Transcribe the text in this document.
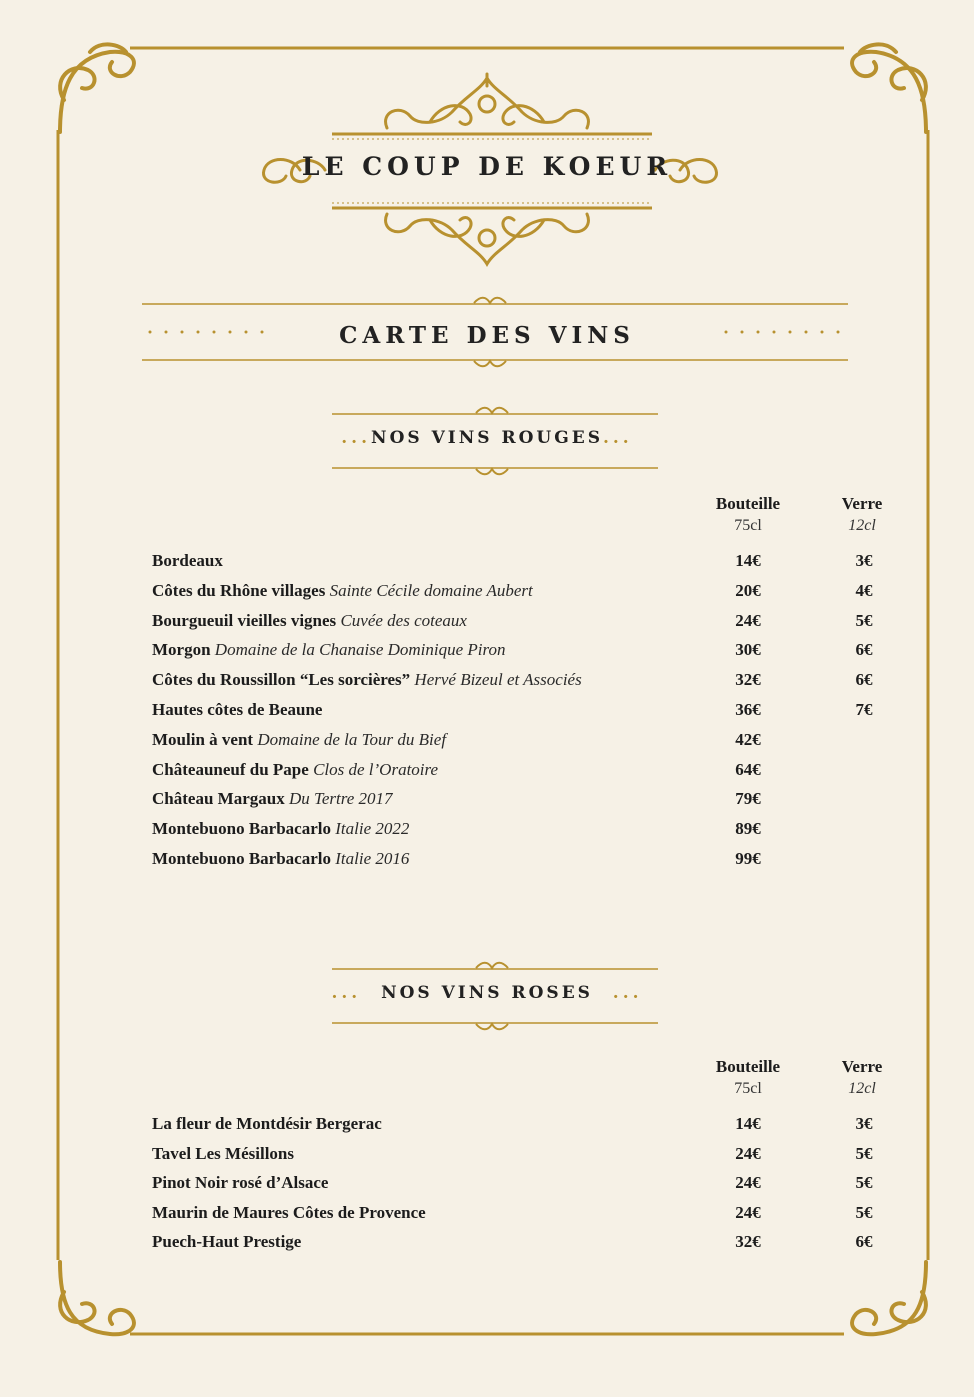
LE COUP DE KOEUR
CARTE DES VINS
...NOS VINS ROUGES...
Bouteille
75cl
Verre
12cl
Bordeaux	14€	3€
Côtes du Rhône villages Sainte Cécile domaine Aubert	20€	4€
Bourgueuil vieilles vignes Cuvée des coteaux	24€	5€
Morgon Domaine de la Chanaise Dominique Piron	30€	6€
Côtes du Roussillon “Les sorcières” Hervé Bizeul et Associés	32€	6€
Hautes côtes de Beaune	36€	7€
Moulin à vent Domaine de la Tour du Bief	42€
Châteauneuf du Pape Clos de l’Oratoire	64€
Château Margaux Du Tertre 2017	79€
Montebuono Barbacarlo Italie 2022	89€
Montebuono Barbacarlo Italie 2016	99€
...  NOS VINS ROSES  ...
Bouteille
75cl
Verre
12cl
La fleur de Montdésir Bergerac	14€	3€
Tavel Les Mésillons	24€	5€
Pinot Noir rosé d’Alsace	24€	5€
Maurin de Maures Côtes de Provence	24€	5€
Puech-Haut Prestige	32€	6€
